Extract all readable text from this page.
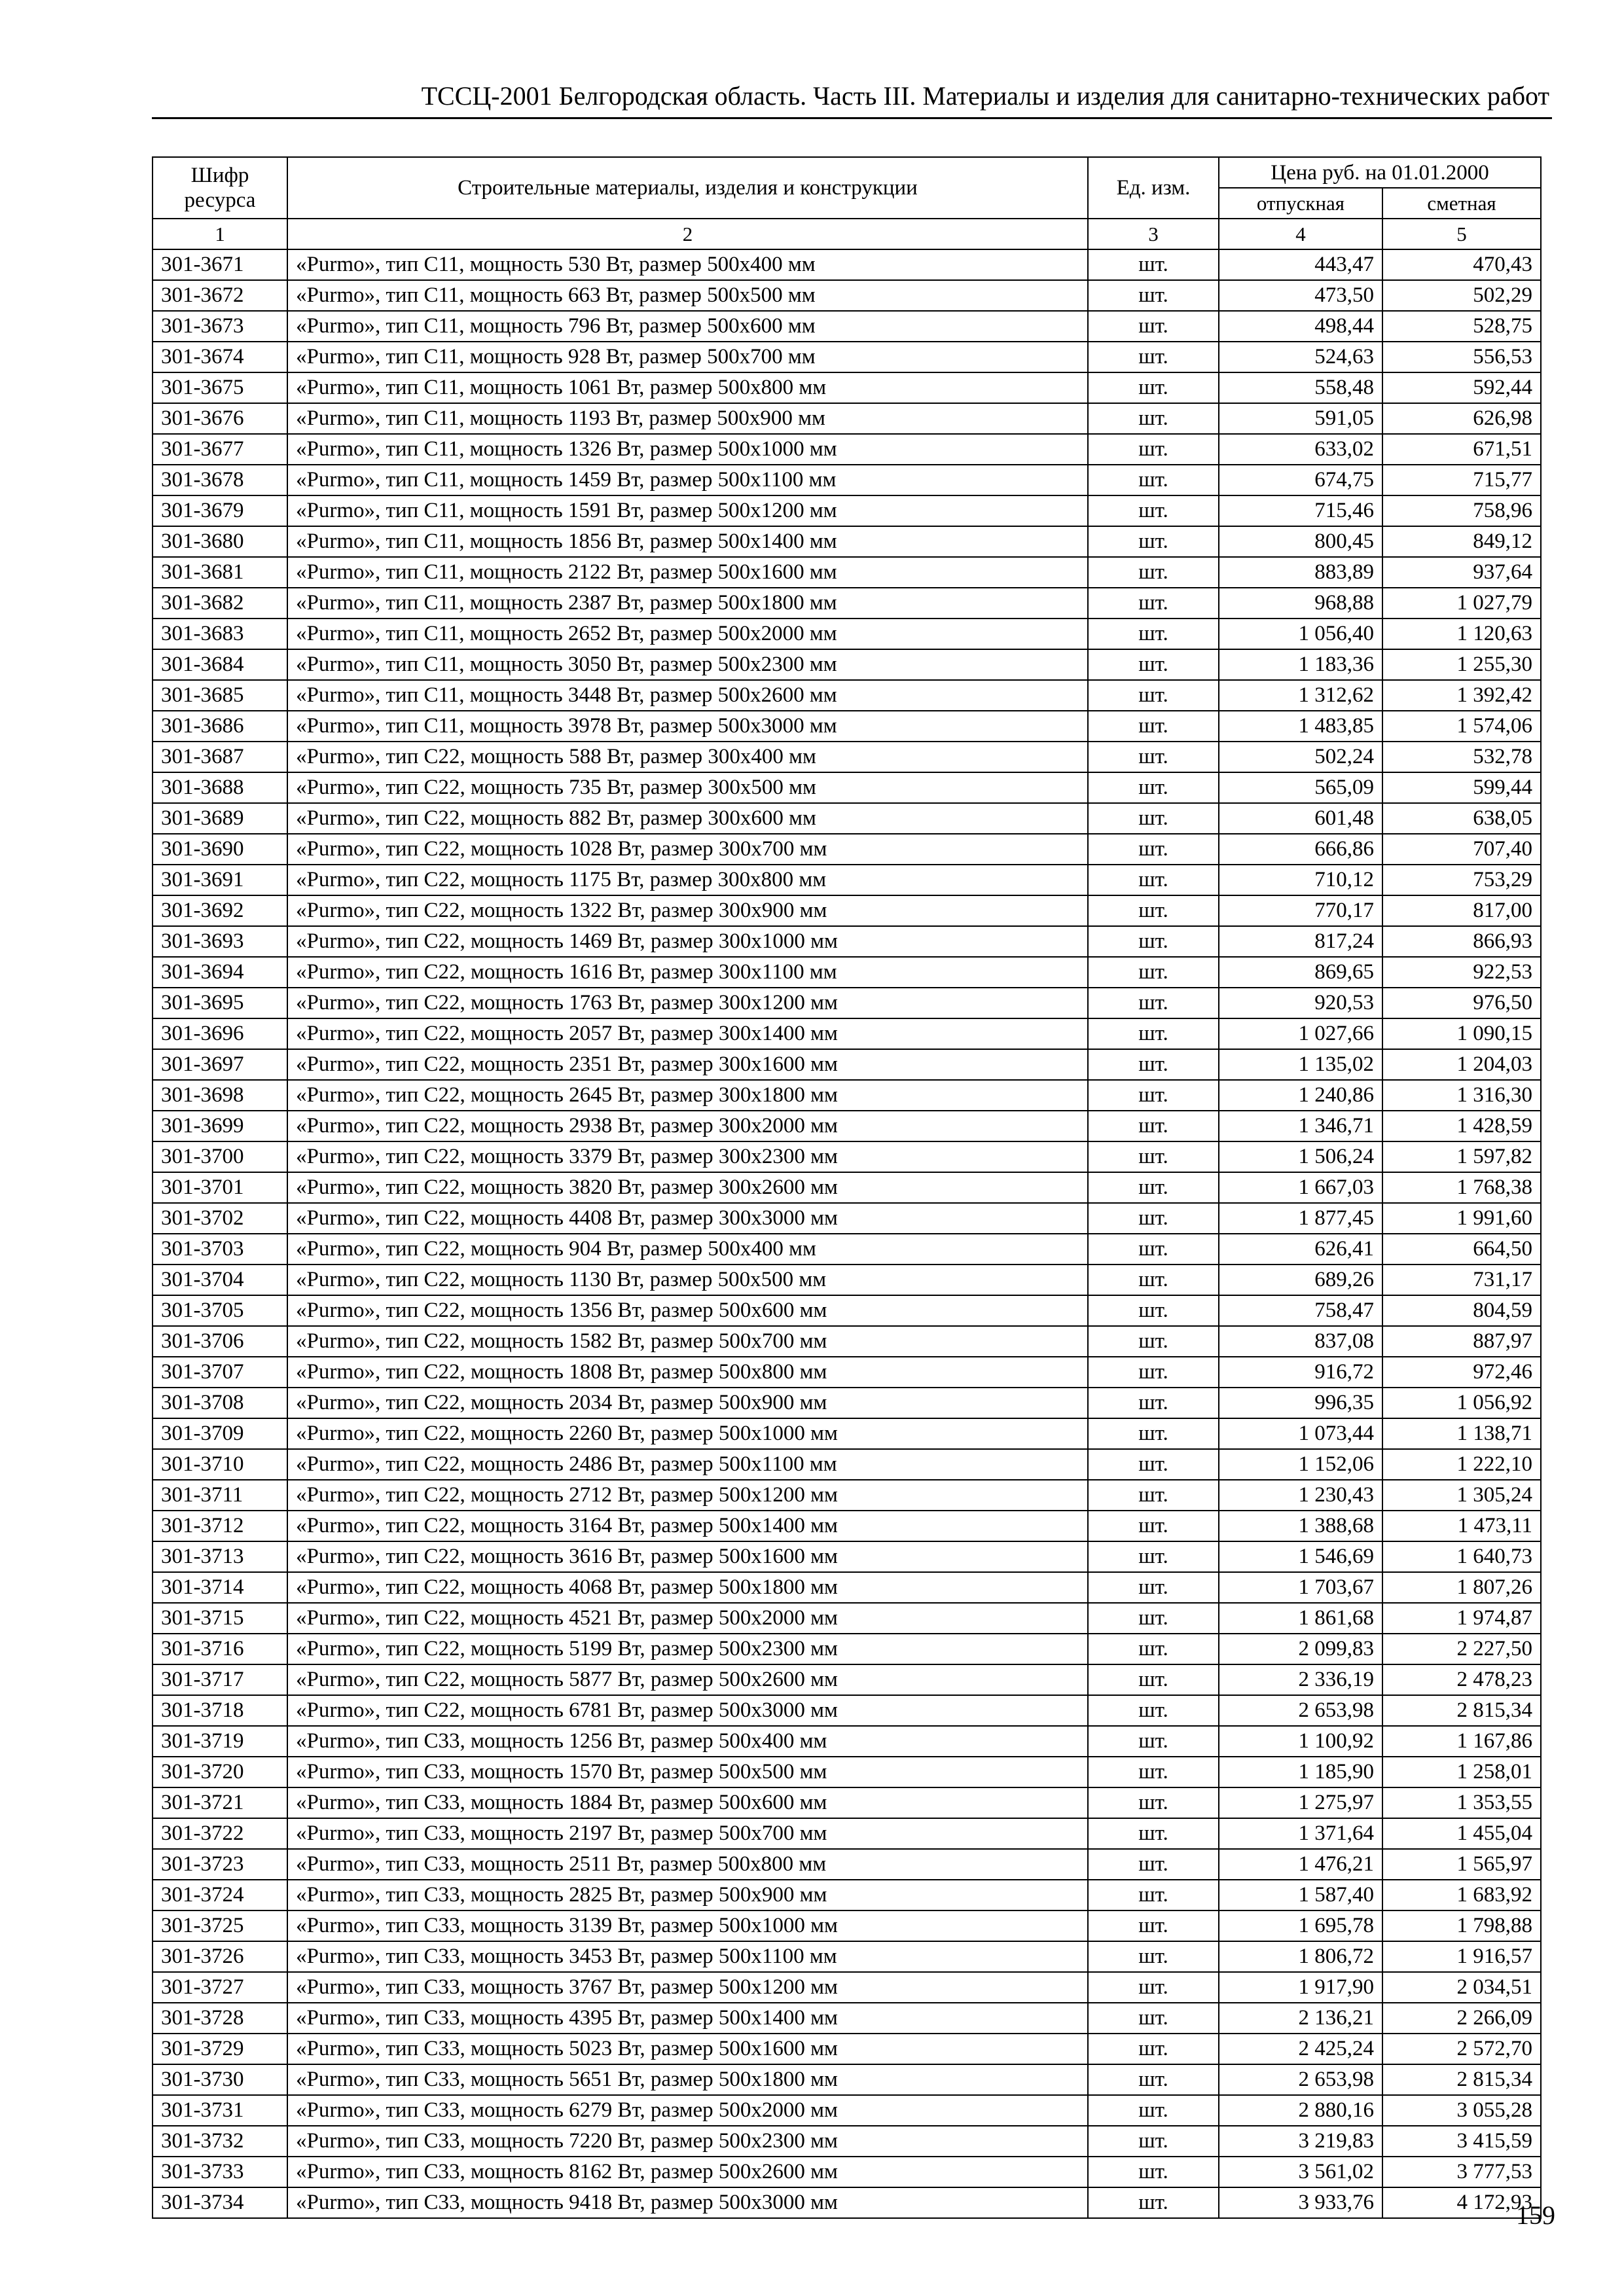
ТССЦ-2001 Белгородская область. Часть III. Материалы и изделия для санитарно-технических работ
Шифр ресурса	Строительные материалы, изделия и конструкции	Ед. изм.	Цена руб. на 01.01.2000	
			отпускная	сметная
1	2	3	4	5
301-3671	«Purmo», тип С11, мощность 530 Вт, размер 500х400 мм	шт.	443,47	470,43
301-3672	«Purmo», тип С11, мощность 663 Вт, размер 500х500 мм	шт.	473,50	502,29
301-3673	«Purmo», тип С11, мощность 796 Вт, размер 500х600 мм	шт.	498,44	528,75
301-3674	«Purmo», тип С11, мощность 928 Вт, размер 500х700 мм	шт.	524,63	556,53
301-3675	«Purmo», тип С11, мощность 1061 Вт, размер 500х800 мм	шт.	558,48	592,44
301-3676	«Purmo», тип С11, мощность 1193 Вт, размер 500х900 мм	шт.	591,05	626,98
301-3677	«Purmo», тип С11, мощность 1326 Вт, размер 500х1000 мм	шт.	633,02	671,51
301-3678	«Purmo», тип С11, мощность 1459 Вт, размер 500х1100 мм	шт.	674,75	715,77
301-3679	«Purmo», тип С11, мощность 1591 Вт, размер 500х1200 мм	шт.	715,46	758,96
301-3680	«Purmo», тип С11, мощность 1856 Вт, размер 500х1400 мм	шт.	800,45	849,12
301-3681	«Purmo», тип С11, мощность 2122 Вт, размер 500х1600 мм	шт.	883,89	937,64
301-3682	«Purmo», тип С11, мощность 2387 Вт, размер 500х1800 мм	шт.	968,88	1 027,79
301-3683	«Purmo», тип С11, мощность 2652 Вт, размер 500х2000 мм	шт.	1 056,40	1 120,63
301-3684	«Purmo», тип С11, мощность 3050 Вт, размер 500х2300 мм	шт.	1 183,36	1 255,30
301-3685	«Purmo», тип С11, мощность 3448 Вт, размер 500х2600 мм	шт.	1 312,62	1 392,42
301-3686	«Purmo», тип С11, мощность 3978 Вт, размер 500х3000 мм	шт.	1 483,85	1 574,06
301-3687	«Purmo», тип С22, мощность 588 Вт, размер 300х400 мм	шт.	502,24	532,78
301-3688	«Purmo», тип С22, мощность 735 Вт, размер 300х500 мм	шт.	565,09	599,44
301-3689	«Purmo», тип С22, мощность 882 Вт, размер 300х600 мм	шт.	601,48	638,05
301-3690	«Purmo», тип С22, мощность 1028 Вт, размер 300х700 мм	шт.	666,86	707,40
301-3691	«Purmo», тип С22, мощность 1175 Вт, размер 300х800 мм	шт.	710,12	753,29
301-3692	«Purmo», тип С22, мощность 1322 Вт, размер 300х900 мм	шт.	770,17	817,00
301-3693	«Purmo», тип С22, мощность 1469 Вт, размер 300х1000 мм	шт.	817,24	866,93
301-3694	«Purmo», тип С22, мощность 1616 Вт, размер 300х1100 мм	шт.	869,65	922,53
301-3695	«Purmo», тип С22, мощность 1763 Вт, размер 300х1200 мм	шт.	920,53	976,50
301-3696	«Purmo», тип С22, мощность 2057 Вт, размер 300х1400 мм	шт.	1 027,66	1 090,15
301-3697	«Purmo», тип С22, мощность 2351 Вт, размер 300х1600 мм	шт.	1 135,02	1 204,03
301-3698	«Purmo», тип С22, мощность 2645 Вт, размер 300х1800 мм	шт.	1 240,86	1 316,30
301-3699	«Purmo», тип С22, мощность 2938 Вт, размер 300х2000 мм	шт.	1 346,71	1 428,59
301-3700	«Purmo», тип С22, мощность 3379 Вт, размер 300х2300 мм	шт.	1 506,24	1 597,82
301-3701	«Purmo», тип С22, мощность 3820 Вт, размер 300х2600 мм	шт.	1 667,03	1 768,38
301-3702	«Purmo», тип С22, мощность 4408 Вт, размер 300х3000 мм	шт.	1 877,45	1 991,60
301-3703	«Purmo», тип С22, мощность 904 Вт, размер 500х400 мм	шт.	626,41	664,50
301-3704	«Purmo», тип С22, мощность 1130 Вт, размер 500х500 мм	шт.	689,26	731,17
301-3705	«Purmo», тип С22, мощность 1356 Вт, размер 500х600 мм	шт.	758,47	804,59
301-3706	«Purmo», тип С22, мощность 1582 Вт, размер 500х700 мм	шт.	837,08	887,97
301-3707	«Purmo», тип С22, мощность 1808 Вт, размер 500х800 мм	шт.	916,72	972,46
301-3708	«Purmo», тип С22, мощность 2034 Вт, размер 500х900 мм	шт.	996,35	1 056,92
301-3709	«Purmo», тип С22, мощность 2260 Вт, размер 500х1000 мм	шт.	1 073,44	1 138,71
301-3710	«Purmo», тип С22, мощность 2486 Вт, размер 500х1100 мм	шт.	1 152,06	1 222,10
301-3711	«Purmo», тип С22, мощность 2712 Вт, размер 500х1200 мм	шт.	1 230,43	1 305,24
301-3712	«Purmo», тип С22, мощность 3164 Вт, размер 500х1400 мм	шт.	1 388,68	1 473,11
301-3713	«Purmo», тип С22, мощность 3616 Вт, размер 500х1600 мм	шт.	1 546,69	1 640,73
301-3714	«Purmo», тип С22, мощность 4068 Вт, размер 500х1800 мм	шт.	1 703,67	1 807,26
301-3715	«Purmo», тип С22, мощность 4521 Вт, размер 500х2000 мм	шт.	1 861,68	1 974,87
301-3716	«Purmo», тип С22, мощность 5199 Вт, размер 500х2300 мм	шт.	2 099,83	2 227,50
301-3717	«Purmo», тип С22, мощность 5877 Вт, размер 500х2600 мм	шт.	2 336,19	2 478,23
301-3718	«Purmo», тип С22, мощность 6781 Вт, размер 500х3000 мм	шт.	2 653,98	2 815,34
301-3719	«Purmo», тип С33, мощность 1256 Вт, размер 500х400 мм	шт.	1 100,92	1 167,86
301-3720	«Purmo», тип С33, мощность 1570 Вт, размер 500х500 мм	шт.	1 185,90	1 258,01
301-3721	«Purmo», тип С33, мощность 1884 Вт, размер 500х600 мм	шт.	1 275,97	1 353,55
301-3722	«Purmo», тип С33, мощность 2197 Вт, размер 500х700 мм	шт.	1 371,64	1 455,04
301-3723	«Purmo», тип С33, мощность 2511 Вт, размер 500х800 мм	шт.	1 476,21	1 565,97
301-3724	«Purmo», тип С33, мощность 2825 Вт, размер 500х900 мм	шт.	1 587,40	1 683,92
301-3725	«Purmo», тип С33, мощность 3139 Вт, размер 500х1000 мм	шт.	1 695,78	1 798,88
301-3726	«Purmo», тип С33, мощность 3453 Вт, размер 500х1100 мм	шт.	1 806,72	1 916,57
301-3727	«Purmo», тип С33, мощность 3767 Вт, размер 500х1200 мм	шт.	1 917,90	2 034,51
301-3728	«Purmo», тип С33, мощность 4395 Вт, размер 500х1400 мм	шт.	2 136,21	2 266,09
301-3729	«Purmo», тип С33, мощность 5023 Вт, размер 500х1600 мм	шт.	2 425,24	2 572,70
301-3730	«Purmo», тип С33, мощность 5651 Вт, размер 500х1800 мм	шт.	2 653,98	2 815,34
301-3731	«Purmo», тип С33, мощность 6279 Вт, размер 500х2000 мм	шт.	2 880,16	3 055,28
301-3732	«Purmo», тип С33, мощность 7220 Вт, размер 500х2300 мм	шт.	3 219,83	3 415,59
301-3733	«Purmo», тип С33, мощность 8162 Вт, размер 500х2600 мм	шт.	3 561,02	3 777,53
301-3734	«Purmo», тип С33, мощность 9418 Вт, размер 500х3000 мм	шт.	3 933,76	4 172,93
159
